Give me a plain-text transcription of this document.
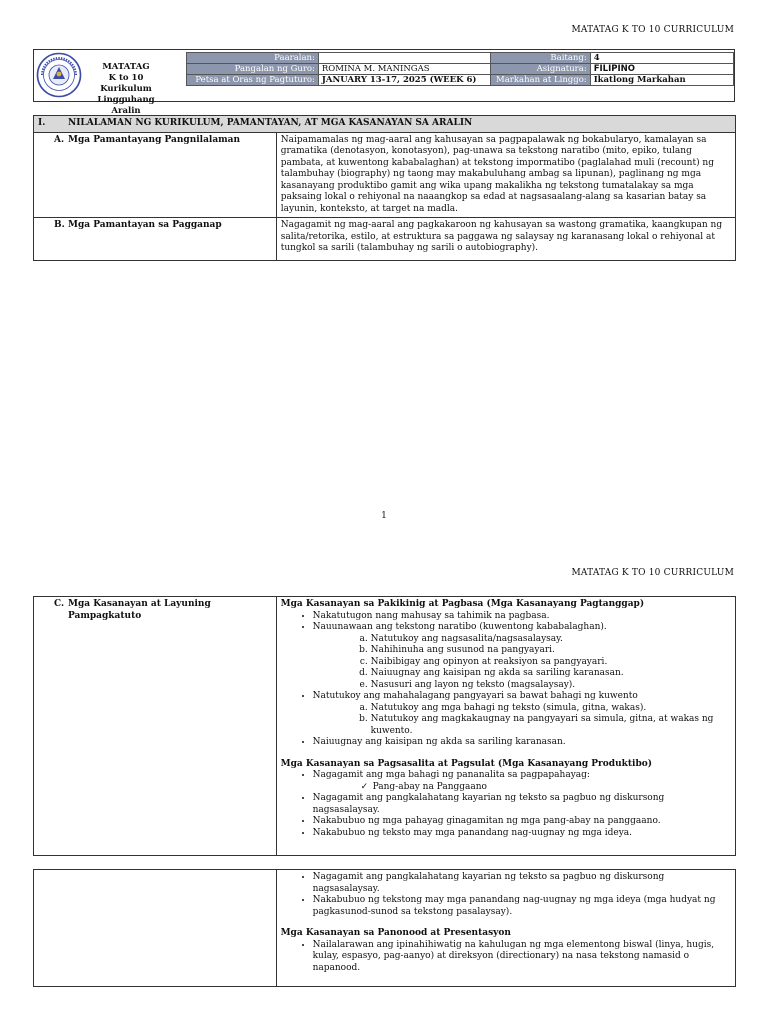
MATATAG K TO 10 CURRICULUM
MATATAG
K to 10 Kurikulum
Lingguhang Aralin
Paaralan:		Baitang:	4
Pangalan ng Guro:	ROMINA M. MANINGAS	Asignatura:	FILIPINO
Petsa at Oras ng Pagtuturo:	JANUARY 13-17, 2025 (WEEK 6)	Markahan at Linggo:	Ikatlong Markahan
I. NILALAMAN NG KURIKULUM, PAMANTAYAN, AT MGA KASANAYAN SA ARALIN	
A. Mga Pamantayang Pangnilalaman	Naipamamalas ng mag-aaral ang kahusayan sa pagpapalawak ng bokabularyo, kamalayan sa gramatika (denotasyon, konotasyon), pag-unawa sa tekstong naratibo (mito, epiko, tulang pambata, at kuwentong kababalaghan) at tekstong impormatibo (paglalahad muli (recount) ng talambuhay (biography) ng taong may makabuluhang ambag sa lipunan), paglinang ng mga kasanayang produktibo gamit ang wika upang makalikha ng tekstong tumatalakay sa mga paksaing lokal o rehiyonal na naaangkop sa edad at nagsasaalang-alang sa kasarian batay sa layunin, konteksto, at target na madla.
B. Mga Pamantayan sa Pagganap	Nagagamit ng mag-aaral ang pagkakaroon ng kahusayan sa wastong gramatika, kaangkupan ng salita/retorika, estilo, at estruktura sa paggawa ng salaysay ng karanasang lokal o rehiyonal at tungkol sa sarili (talambuhay ng sarili o autobiography).
1
MATATAG K TO 10 CURRICULUM
C. Mga Kasanayan at Layuning
Pampagkatuto	
Mga Kasanayan sa Pakikinig at Pagbasa (Mga Kasanayang Pagtanggap)
• Nakatutugon nang mahusay sa tahimik na pagbasa.
• Nauunawaan ang tekstong naratibo (kuwentong kababalaghan).
a. Natutukoy ang nagsasalita/nagsasalaysay.
b. Nahihinuha ang susunod na pangyayari.
c. Naibibigay ang opinyon at reaksiyon sa pangyayari.
d. Naiuugnay ang kaisipan ng akda sa sariling karanasan.
e. Nasusuri ang layon ng teksto (magsalaysay).
• Natutukoy ang mahahalagang pangyayari sa bawat bahagi ng kuwento
a. Natutukoy ang mga bahagi ng teksto (simula, gitna, wakas).
b. Natutukoy ang magkakaugnay na pangyayari sa simula, gitna, at wakas ng kuwento.
• Naiuugnay ang kaisipan ng akda sa sariling karanasan.
Mga Kasanayan sa Pagsasalita at Pagsulat (Mga Kasanayang Produktibo)
• Nagagamit ang mga bahagi ng pananalita sa pagpapahayag:
✓ Pang-abay na Panggaano
• Nagagamit ang pangkalahatang kayarian ng teksto sa pagbuo ng diskursong nagsasalaysay.
• Nakabubuo ng mga pahayag ginagamitan ng mga pang-abay na panggaano.
• Nakabubuo ng teksto may mga panandang nag-uugnay ng mga ideya.

• Nagagamit ang pangkalahatang kayarian ng teksto sa pagbuo ng diskursong nagsasalaysay.
• Nakabubuo ng tekstong may mga panandang nag-uugnay ng mga ideya (mga hudyat ng pagkasunod-sunod sa tekstong pasalaysay).
Mga Kasanayan sa Panonood at Presentasyon
• Nailalarawan ang ipinahihiwatig na kahulugan ng mga elementong biswal (linya, hugis, kulay, espasyo, pag-aanyo) at direksyon (directionary) na nasa tekstong namasid o napanood.
